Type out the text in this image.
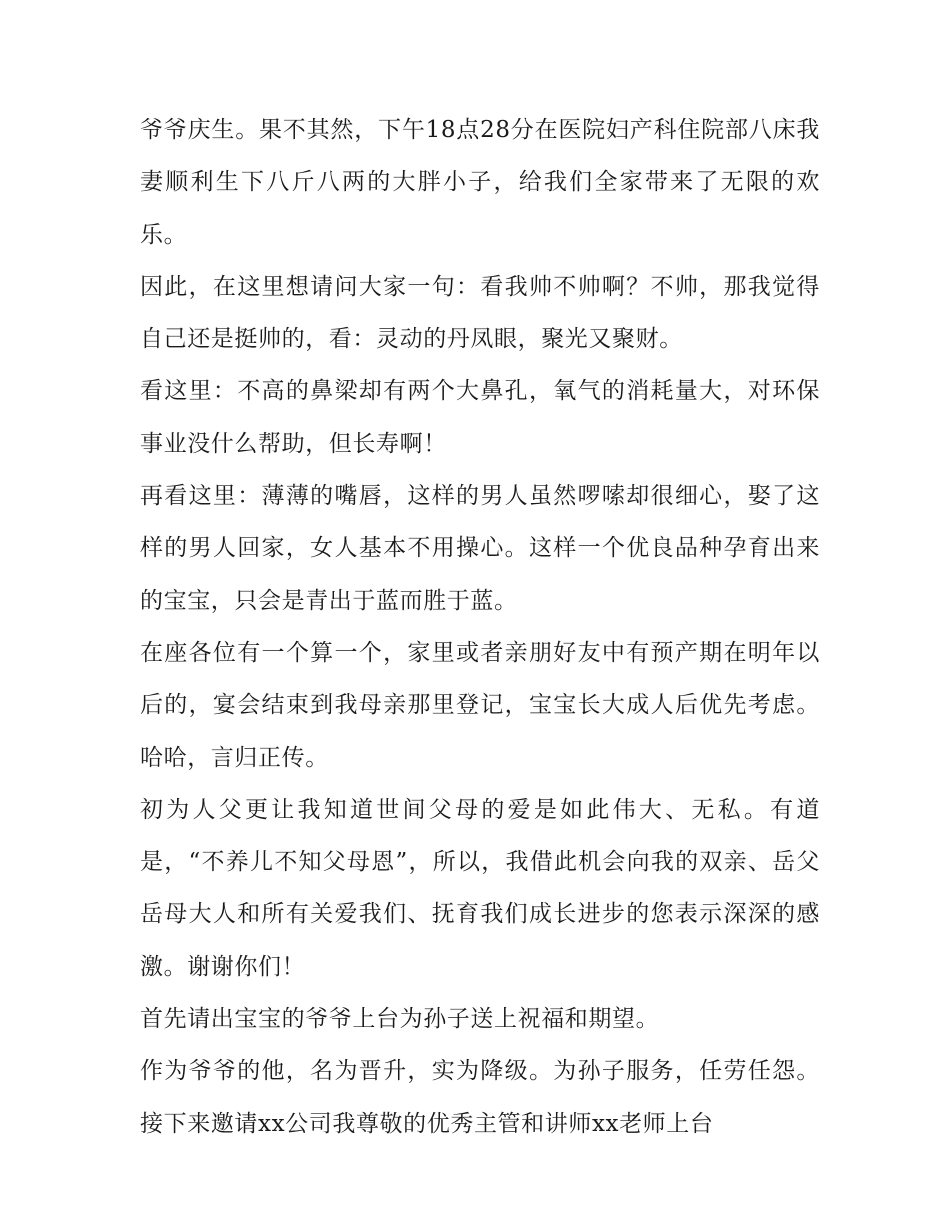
爷爷庆生。果不其然，下午18点28分在医院妇产科住院部八床我妻顺利生下八斤八两的大胖小子，给我们全家带来了无限的欢乐。

因此，在这里想请问大家一句：看我帅不帅啊？不帅，那我觉得自己还是挺帅的，看：灵动的丹凤眼，聚光又聚财。

看这里：不高的鼻梁却有两个大鼻孔，氧气的消耗量大，对环保事业没什么帮助，但长寿啊！

再看这里：薄薄的嘴唇，这样的男人虽然啰嗦却很细心，娶了这样的男人回家，女人基本不用操心。这样一个优良品种孕育出来的宝宝，只会是青出于蓝而胜于蓝。

在座各位有一个算一个，家里或者亲朋好友中有预产期在明年以后的，宴会结束到我母亲那里登记，宝宝长大成人后优先考虑。 哈哈，言归正传。

初为人父更让我知道世间父母的爱是如此伟大、无私。有道是，“不养儿不知父母恩”，所以，我借此机会向我的双亲、岳父岳母大人和所有关爱我们、抚育我们成长进步的您表示深深的感激。谢谢你们！

首先请出宝宝的爷爷上台为孙子送上祝福和期望。

作为爷爷的他，名为晋升，实为降级。为孙子服务，任劳任怨。接下来邀请xx公司我尊敬的优秀主管和讲师xx老师上台
